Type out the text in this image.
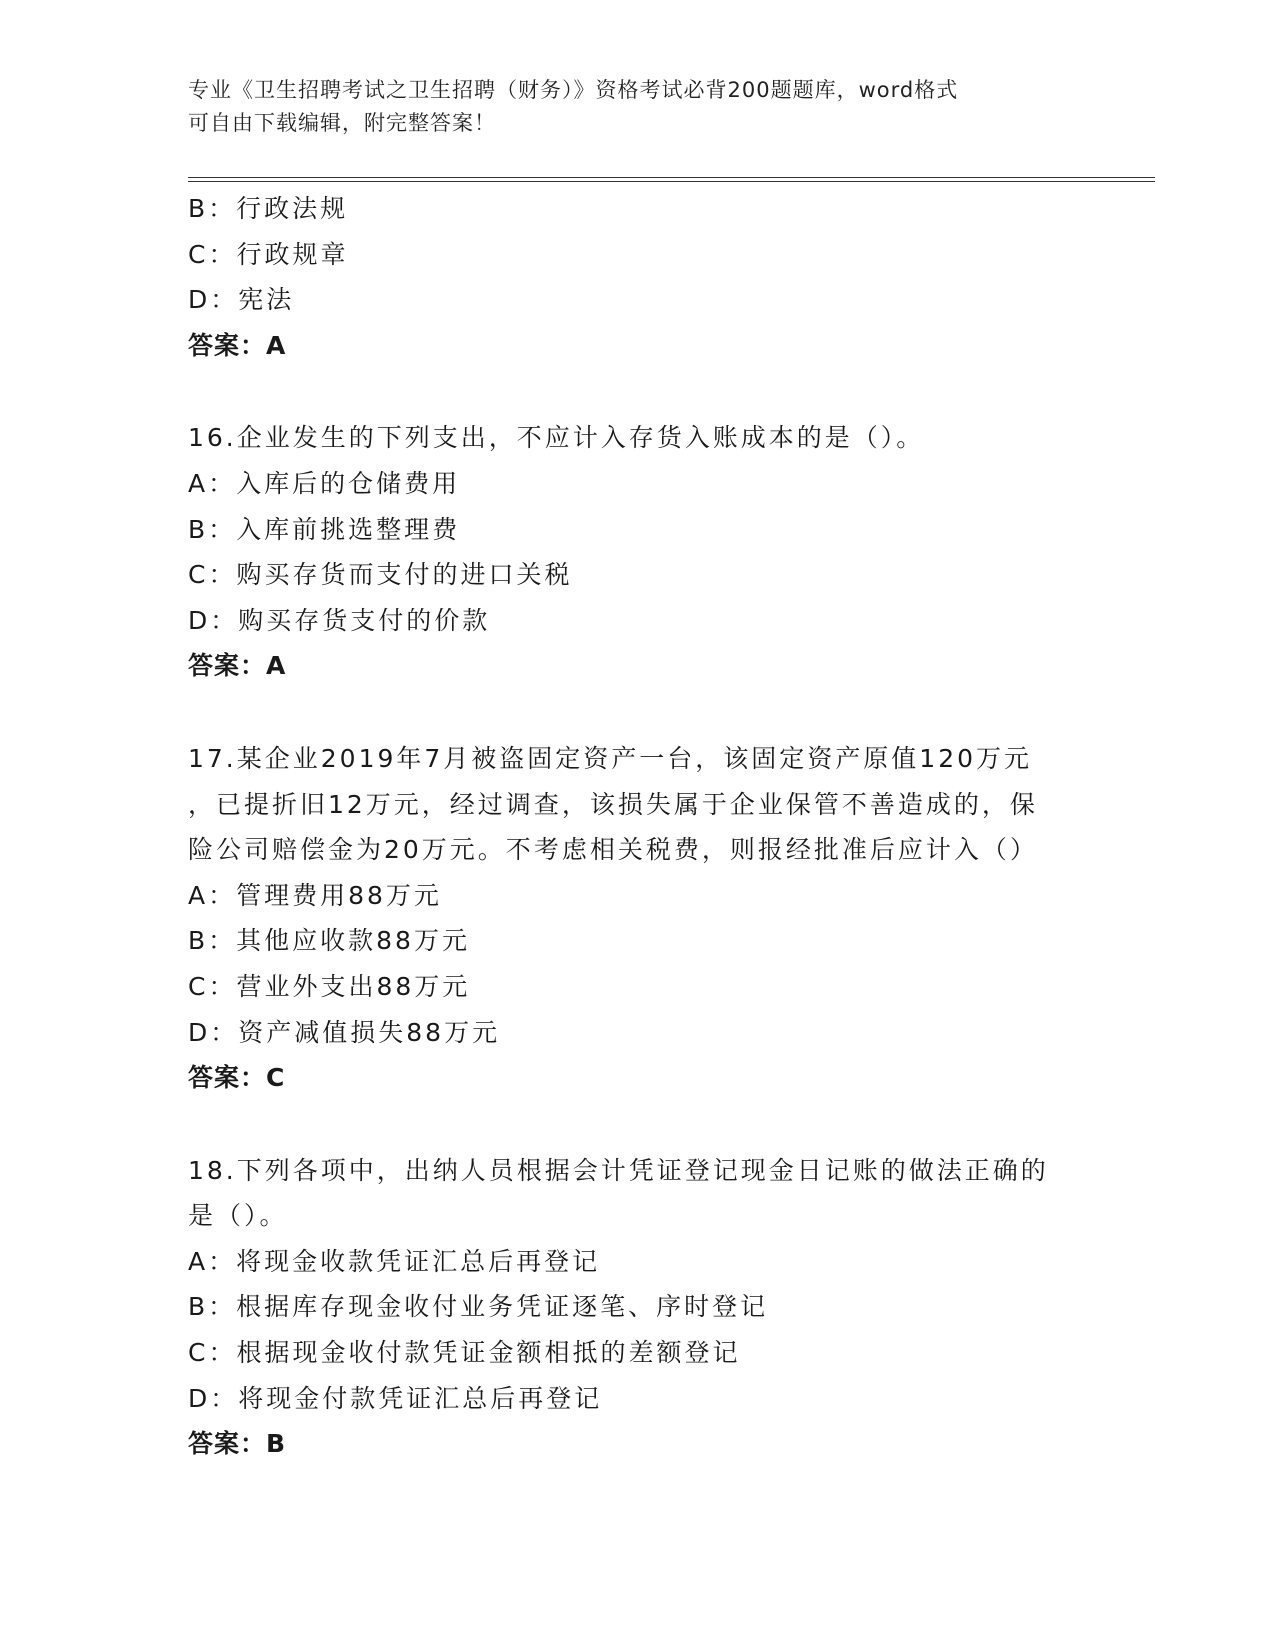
专业《卫生招聘考试之卫生招聘（财务）》资格考试必背200题题库，word格式
可自由下载编辑，附完整答案！
B：行政法规
C：行政规章
D：宪法
答案：A
16.企业发生的下列支出，不应计入存货入账成本的是（）。
A：入库后的仓储费用
B：入库前挑选整理费
C：购买存货而支付的进口关税
D：购买存货支付的价款
答案：A
17.某企业2019年7月被盗固定资产一台，该固定资产原值120万元
，已提折旧12万元，经过调查，该损失属于企业保管不善造成的，保
险公司赔偿金为20万元。不考虑相关税费，则报经批准后应计入（）
A：管理费用88万元
B：其他应收款88万元
C：营业外支出88万元
D：资产减值损失88万元
答案：C
18.下列各项中，出纳人员根据会计凭证登记现金日记账的做法正确的
是（）。
A：将现金收款凭证汇总后再登记
B：根据库存现金收付业务凭证逐笔、序时登记
C：根据现金收付款凭证金额相抵的差额登记
D：将现金付款凭证汇总后再登记
答案：B
